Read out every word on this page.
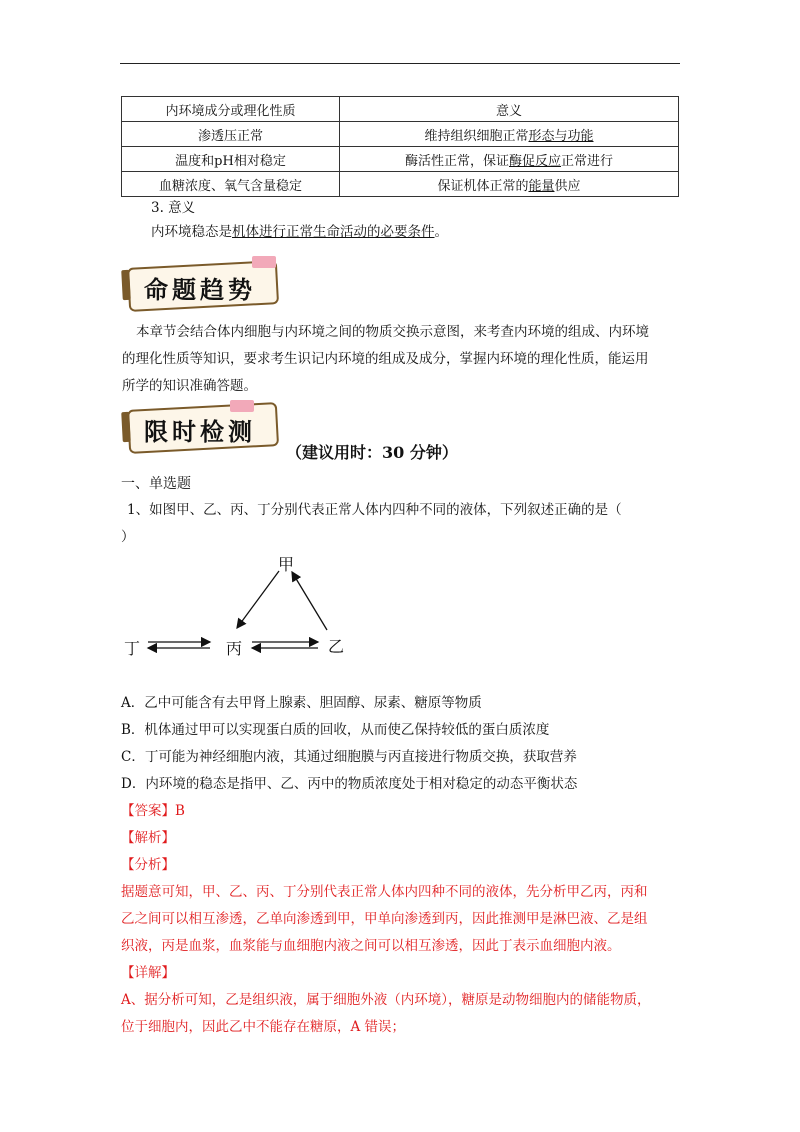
内环境成分或理化性质	意义
渗透压正常	维持组织细胞正常形态与功能
温度和pH相对稳定	酶活性正常，保证酶促反应正常进行
血糖浓度、氧气含量稳定	保证机体正常的能量供应
3. 意义
内环境稳态是机体进行正常生命活动的必要条件。
命题趋势
本章节会结合体内细胞与内环境之间的物质交换示意图，来考查内环境的组成、内环境
的理化性质等知识，要求考生识记内环境的组成及成分，掌握内环境的理化性质，能运用
所学的知识准确答题。
限时检测
（建议用时：30 分钟）
一、单选题
1、如图甲、乙、丙、丁分别代表正常人体内四种不同的液体，下列叙述正确的是（
）
甲
丁	丙	乙
A．乙中可能含有去甲肾上腺素、胆固醇、尿素、糖原等物质
B．机体通过甲可以实现蛋白质的回收，从而使乙保持较低的蛋白质浓度
C．丁可能为神经细胞内液，其通过细胞膜与丙直接进行物质交换，获取营养
D．内环境的稳态是指甲、乙、丙中的物质浓度处于相对稳定的动态平衡状态
【答案】B
【解析】
【分析】
据题意可知，甲、乙、丙、丁分别代表正常人体内四种不同的液体，先分析甲乙丙，丙和
乙之间可以相互渗透，乙单向渗透到甲，甲单向渗透到丙，因此推测甲是淋巴液、乙是组
织液，丙是血浆，血浆能与血细胞内液之间可以相互渗透，因此丁表示血细胞内液。
【详解】
A、据分析可知，乙是组织液，属于细胞外液（内环境），糖原是动物细胞内的储能物质，
位于细胞内，因此乙中不能存在糖原，A 错误；
